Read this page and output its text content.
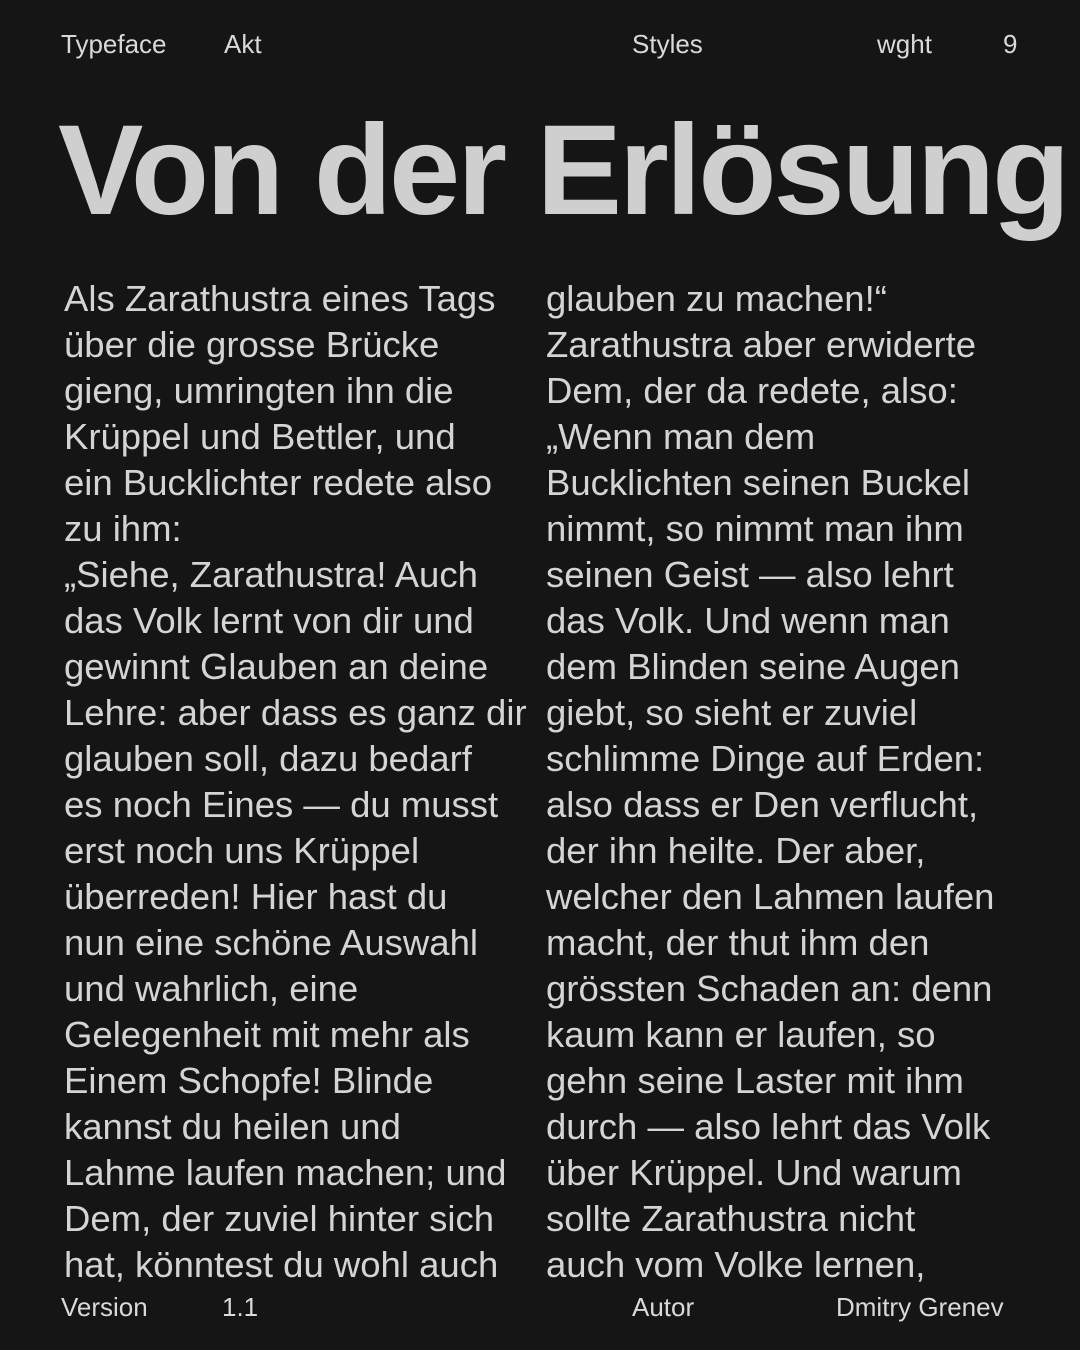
Typeface Akt	Styles	wght	9
Von der Erlösung

Als Zarathustra eines Tags
über die grosse Brücke
gieng, umringten ihn die
Krüppel und Bettler, und
ein Bucklichter redete also
zu ihm:
„Siehe, Zarathustra! Auch
das Volk lernt von dir und
gewinnt Glauben an deine
Lehre: aber dass es ganz dir
glauben soll, dazu bedarf
es noch Eines — du musst
erst noch uns Krüppel
überreden! Hier hast du
nun eine schöne Auswahl
und wahrlich, eine
Gelegenheit mit mehr als
Einem Schopfe! Blinde
kannst du heilen und
Lahme laufen machen; und
Dem, der zuviel hinter sich
hat, könntest du wohl auch

glauben zu machen!“
Zarathustra aber erwiderte
Dem, der da redete, also:
„Wenn man dem
Bucklichten seinen Buckel
nimmt, so nimmt man ihm
seinen Geist — also lehrt
das Volk. Und wenn man
dem Blinden seine Augen
giebt, so sieht er zuviel
schlimme Dinge auf Erden:
also dass er Den verflucht,
der ihn heilte. Der aber,
welcher den Lahmen laufen
macht, der thut ihm den
grössten Schaden an: denn
kaum kann er laufen, so
gehn seine Laster mit ihm
durch — also lehrt das Volk
über Krüppel. Und warum
sollte Zarathustra nicht
auch vom Volke lernen,

Version	1.1	Autor	Dmitry Grenev
